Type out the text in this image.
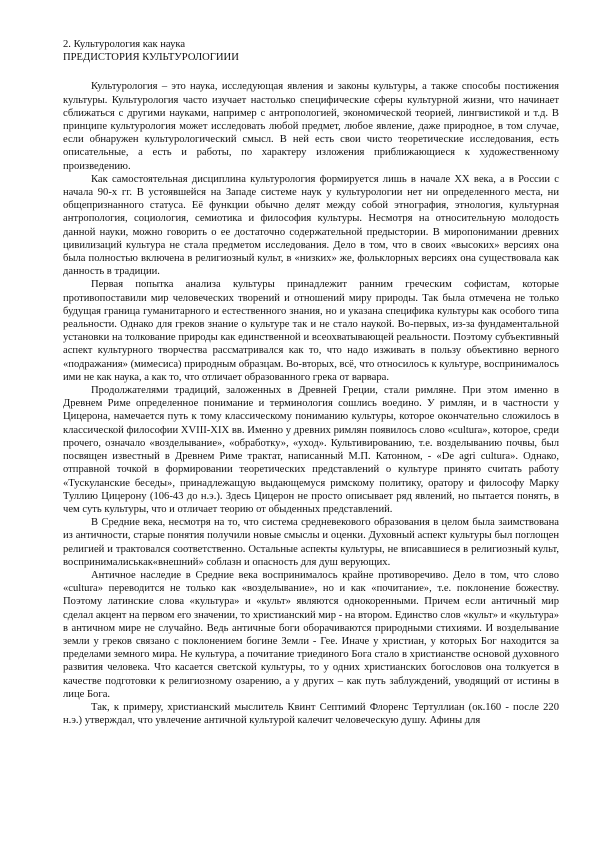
2. Культурология как наука
ПРЕДИСТОРИЯ КУЛЬТУРОЛОГИИИ

Культурология – это наука, исследующая явления и законы культуры, а также способы постижения культуры. Культурология часто изучает настолько специфические сферы культурной жизни, что начинает сближаться с другими науками, например с антропологией, экономической теорией, лингвистикой и т.д. В принципе культурология может исследовать любой предмет, любое явление, даже природное, в том случае, если обнаружен культурологический смысл. В ней есть свои чисто теоретические исследования, есть описательные, а есть и работы, по характеру изложения приближающиеся к художественному произведению.

Как самостоятельная дисциплина культурология формируется лишь в начале XX века, а в России с начала 90-х гг. В устоявшейся на Западе системе наук у культурологии нет ни определенного места, ни общепризнанного статуса. Её функции обычно делят между собой этнография, этнология, культурная антропология, социология, семиотика и философия культуры. Несмотря на относительную молодость данной науки, можно говорить о ее достаточно содержательной предыстории. В миропонимании древних цивилизаций культура не стала предметом исследования. Дело в том, что в своих «высоких» версиях она была полностью включена в религиозный культ, в «низких» же, фольклорных версиях она существовала как данность в традиции.

Первая попытка анализа культуры принадлежит ранним греческим софистам, которые противопоставили мир человеческих творений и отношений миру природы. Так была отмечена не только будущая граница гуманитарного и естественного знания, но и указана специфика культуры как особого типа реальности. Однако для греков знание о культуре так и не стало наукой. Во-первых, из-за фундаментальной установки на толкование природы как единственной и всеохватывающей реальности. Поэтому субъективный аспект культурного творчества рассматривался как то, что надо изживать в пользу объективно верного «подражания» (мимесиса) природным образцам. Во-вторых, всё, что относилось к культуре, воспринималось ими не как наука, а как то, что отличает образованного грека от варвара.

Продолжателями традиций, заложенных в Древней Греции, стали римляне. При этом именно в Древнем Риме определенное понимание и терминология сошлись воедино. У римлян, и в частности у Цицерона, намечается путь к тому классическому пониманию культуры, которое окончательно сложилось в классической философии XVIII-XIX вв. Именно у древних римлян появилось слово «cultura», которое, среди прочего, означало «возделывание», «обработку», «уход». Культивированию, т.е. возделыванию почвы, был посвящен известный в Древнем Риме трактат, написанный М.П. Катонном, - «De agri cultura». Однако, отправной точкой в формировании теоретических представлений о культуре принято считать работу «Тускуланские беседы», принадлежащую выдающемуся римскому политику, оратору и философу Марку Туллию Цицерону (106-43 до н.э.). Здесь Цицерон не просто описывает ряд явлений, но пытается понять, в чем суть культуры, что и отличает теорию от обыденных представлений.

В Средние века, несмотря на то, что система средневекового образования в целом была заимствована из античности, старые понятия получили новые смыслы и оценки. Духовный аспект культуры был поглощен религией и трактовался соответственно. Остальные аспекты культуры, не вписавшиеся в религиозный культ, воспринималиськак«внешний» соблазн и опасность для душ верующих.

Античное наследие в Средние века воспринималось крайне противоречиво. Дело в том, что слово «cultura» переводится не только как «возделывание», но и как «почитание», т.е. поклонение божеству. Поэтому латинские слова «культура» и «культ» являются однокоренными. Причем если античный мир сделал акцент на первом его значении, то христианский мир - на втором. Единство слов «культ» и «культура» в античном мире не случайно. Ведь античные боги оборачиваются природными стихиями. И возделывание земли у греков связано с поклонением богине Земли - Гее. Иначе у христиан, у которых Бог находится за пределами земного мира. Не культура, а почитание триединого Бога стало в христианстве основой духовного развития человека. Что касается светской культуры, то у одних христианских богословов она толкуется в качестве подготовки к религиозному озарению, а у других – как путь заблуждений, уводящий от истины в лице Бога.

Так, к примеру, христианский мыслитель Квинт Септимий Флоренс Тертуллиан (ок.160 - после 220 н.э.) утверждал, что увлечение античной культурой калечит человеческую душу. Афины для
